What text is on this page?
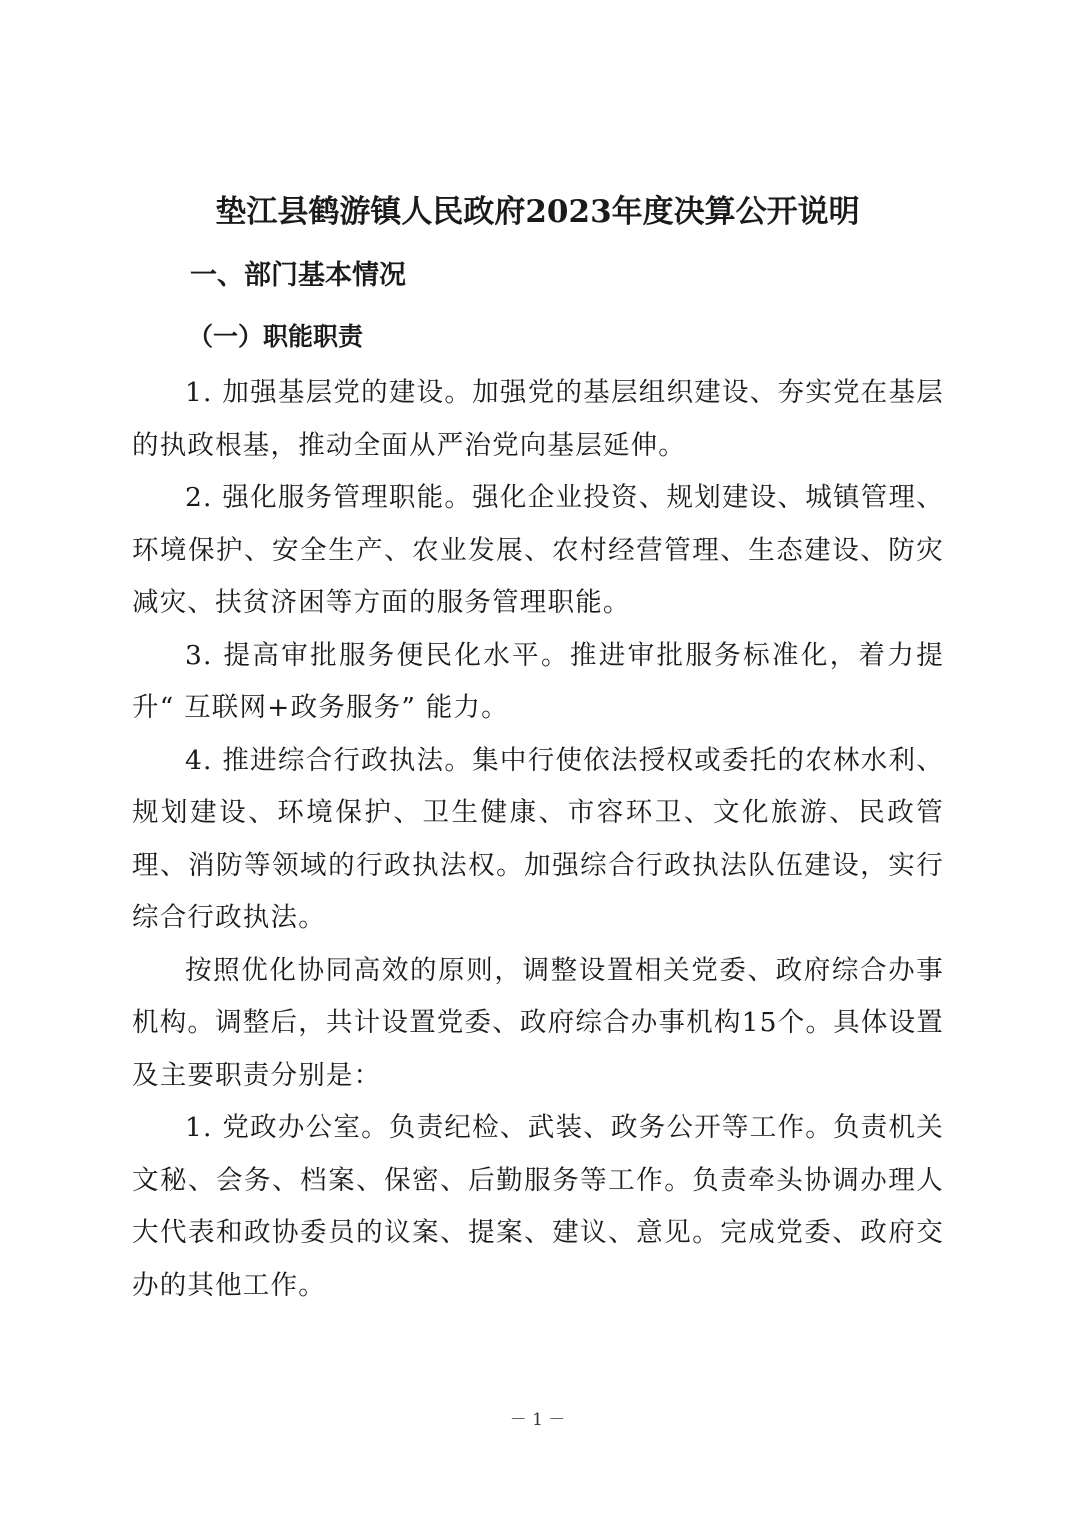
垫江县鹤游镇人民政府2023年度决算公开说明
一、部门基本情况
（一）职能职责

1. 加强基层党的建设。加强党的基层组织建设、夯实党在基层的执政根基，推动全面从严治党向基层延伸。

2. 强化服务管理职能。强化企业投资、规划建设、城镇管理、环境保护、安全生产、农业发展、农村经营管理、生态建设、防灾减灾、扶贫济困等方面的服务管理职能。

3. 提高审批服务便民化水平。推进审批服务标准化，着力提升“ 互联网+政务服务” 能力。

4. 推进综合行政执法。集中行使依法授权或委托的农林水利、规划建设、环境保护、卫生健康、市容环卫、文化旅游、民政管理、消防等领域的行政执法权。加强综合行政执法队伍建设，实行综合行政执法。

按照优化协同高效的原则，调整设置相关党委、政府综合办事机构。调整后，共计设置党委、政府综合办事机构15个。具体设置及主要职责分别是：

1. 党政办公室。负责纪检、武装、政务公开等工作。负责机关文秘、会务、档案、保密、后勤服务等工作。负责牵头协调办理人大代表和政协委员的议案、提案、建议、意见。完成党委、政府交办的其他工作。

－ 1 －
